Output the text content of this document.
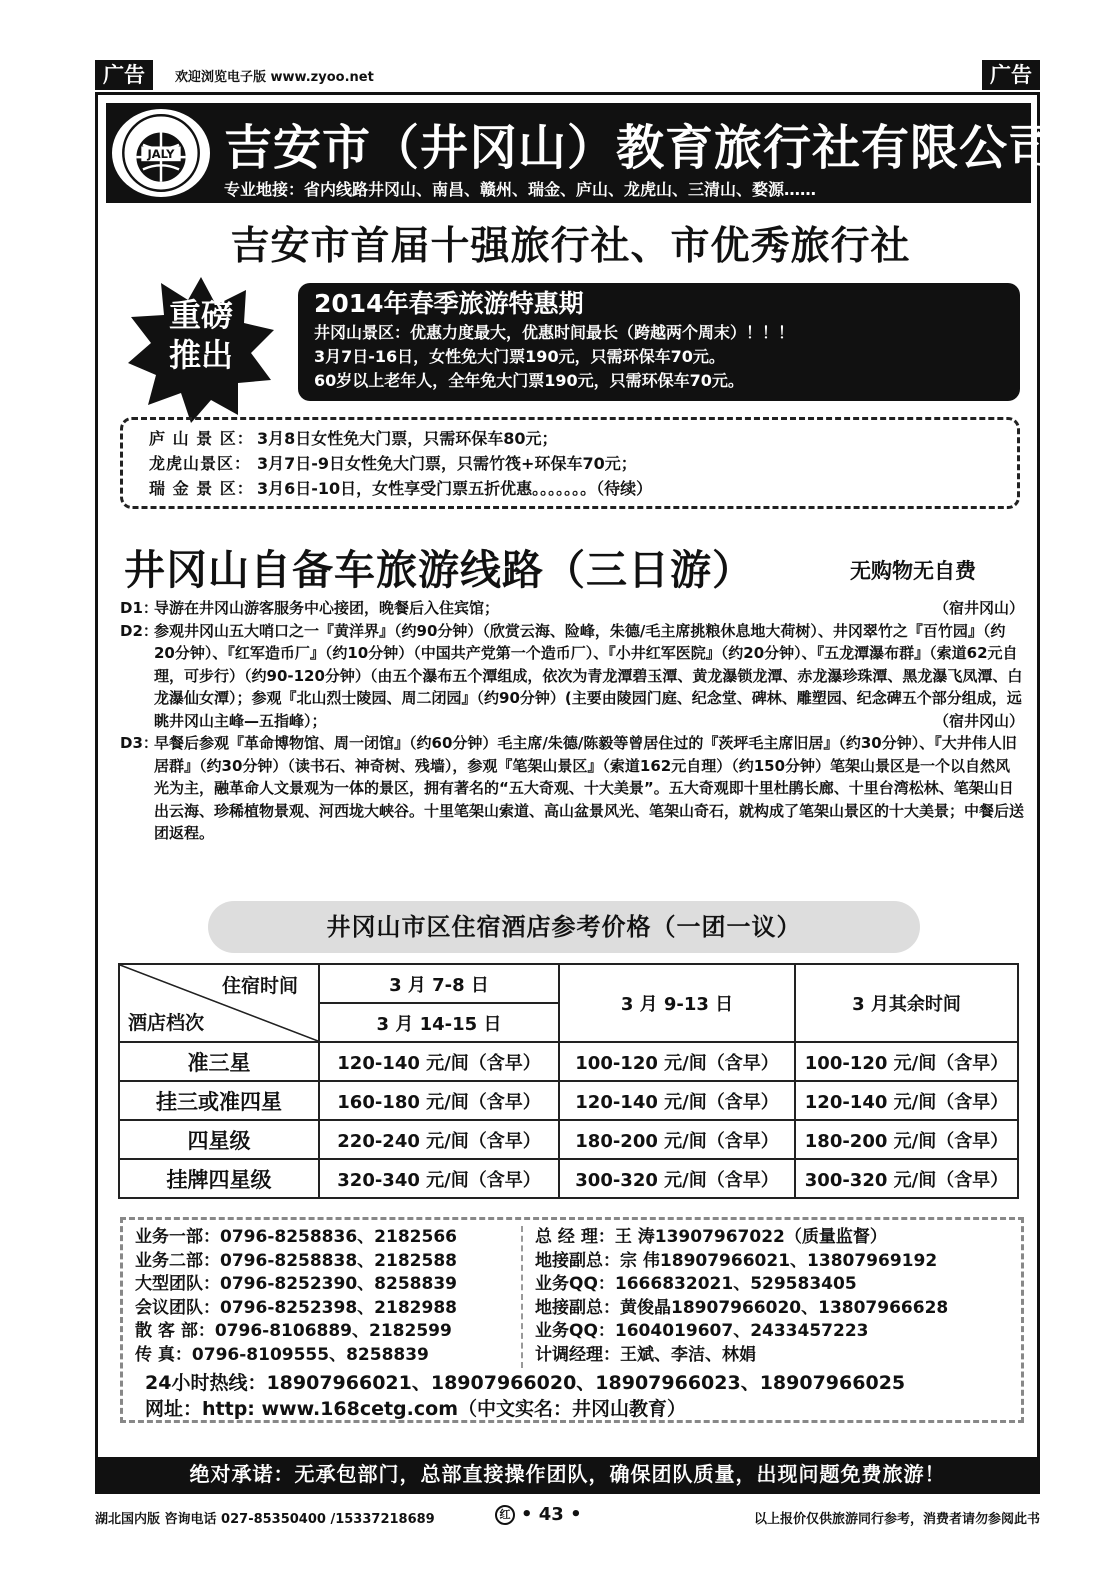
广告	欢迎浏览电子版 www.zyoo.net	广告
JALY 吉安市（井冈山）教育旅行社有限公司
专业地接：省内线路井冈山、南昌、赣州、瑞金、庐山、龙虎山、三清山、婺源……
吉安市首届十强旅行社、市优秀旅行社
重磅
推出
2014年春季旅游特惠期
井冈山景区：优惠力度最大，优惠时间最长（跨越两个周末）！！！
3月7日-16日，女性免大门票190元，只需环保车70元。
60岁以上老年人，全年免大门票190元，只需环保车70元。
庐 山 景 区： 3月8日女性免大门票，只需环保车80元；
龙虎山景区： 3月7日-9日女性免大门票，只需竹筏+环保车70元；
瑞 金 景 区： 3月6日-10日，女性享受门票五折优惠。。。。。。。（待续）
井冈山自备车旅游线路（三日游）	无购物无自费
D1：
导游在井冈山游客服务中心接团，晚餐后入住宾馆；	（宿井冈山）
D2：
参观井冈山五大哨口之一『黄洋界』（约90分钟）（欣赏云海、险峰，朱德/毛主席挑粮休息地大荷树）、井冈翠竹之『百竹园』（约20分钟）、『红军造币厂』（约10分钟）（中国共产党第一个造币厂）、『小井红军医院』（约20分钟）、『五龙潭瀑布群』（索道62元自理，可步行）（约90-120分钟）（由五个瀑布五个潭组成，依次为青龙潭碧玉潭、黄龙瀑锁龙潭、赤龙瀑珍珠潭、黑龙瀑飞凤潭、白龙瀑仙女潭）；参观『北山烈士陵园、周二闭园』（约90分钟）(主要由陵园门庭、纪念堂、碑林、雕塑园、纪念碑五个部分组成，远眺井冈山主峰—五指峰）；	（宿井冈山）
D3：
早餐后参观『革命博物馆、周一闭馆』（约60分钟）毛主席/朱德/陈毅等曾居住过的『茨坪毛主席旧居』（约30分钟）、『大井伟人旧居群』（约30分钟）（读书石、神奇树、残墙），参观『笔架山景区』（索道162元自理）（约150分钟）笔架山景区是一个以自然风光为主，融革命人文景观为一体的景区，拥有著名的“五大奇观、十大美景”。五大奇观即十里杜鹃长廊、十里台湾松林、笔架山日出云海、珍稀植物景观、河西垅大峡谷。十里笔架山索道、高山盆景风光、笔架山奇石，就构成了笔架山景区的十大美景；中餐后送团返程。
井冈山市区住宿酒店参考价格（一团一议）
住宿时间
酒店档次	3 月 7-8 日	3 月 9-13 日	3 月其余时间
	3 月 14-15 日		
准三星	120-140 元/间（含早）	100-120 元/间（含早）	100-120 元/间（含早）
挂三或准四星	160-180 元/间（含早）	120-140 元/间（含早）	120-140 元/间（含早）
四星级	220-240 元/间（含早）	180-200 元/间（含早）	180-200 元/间（含早）
挂牌四星级	320-340 元/间（含早）	300-320 元/间（含早）	300-320 元/间（含早）
业务一部：0796-8258836、2182566
业务二部：0796-8258838、2182588
大型团队：0796-8252390、8258839
会议团队：0796-8252398、2182988
散 客 部：0796-8106889、2182599
传 真：0796-8109555、8258839
总 经 理：王 涛13907967022（质量监督）
地接副总：宗 伟18907966021、13807969192
业务QQ：1666832021、529583405
地接副总：黄俊晶18907966020、13807966628
业务QQ：1604019607、2433457223
计调经理：王斌、李洁、林娟
24小时热线：18907966021、18907966020、18907966023、18907966025
网址：http: www.168cetg.com（中文实名：井冈山教育）
绝对承诺：无承包部门，总部直接操作团队，确保团队质量，出现问题免费旅游！
湖北国内版 咨询电话 027-85350400 /15337218689	红 • 43 •	以上报价仅供旅游同行参考，消费者请勿参阅此书
